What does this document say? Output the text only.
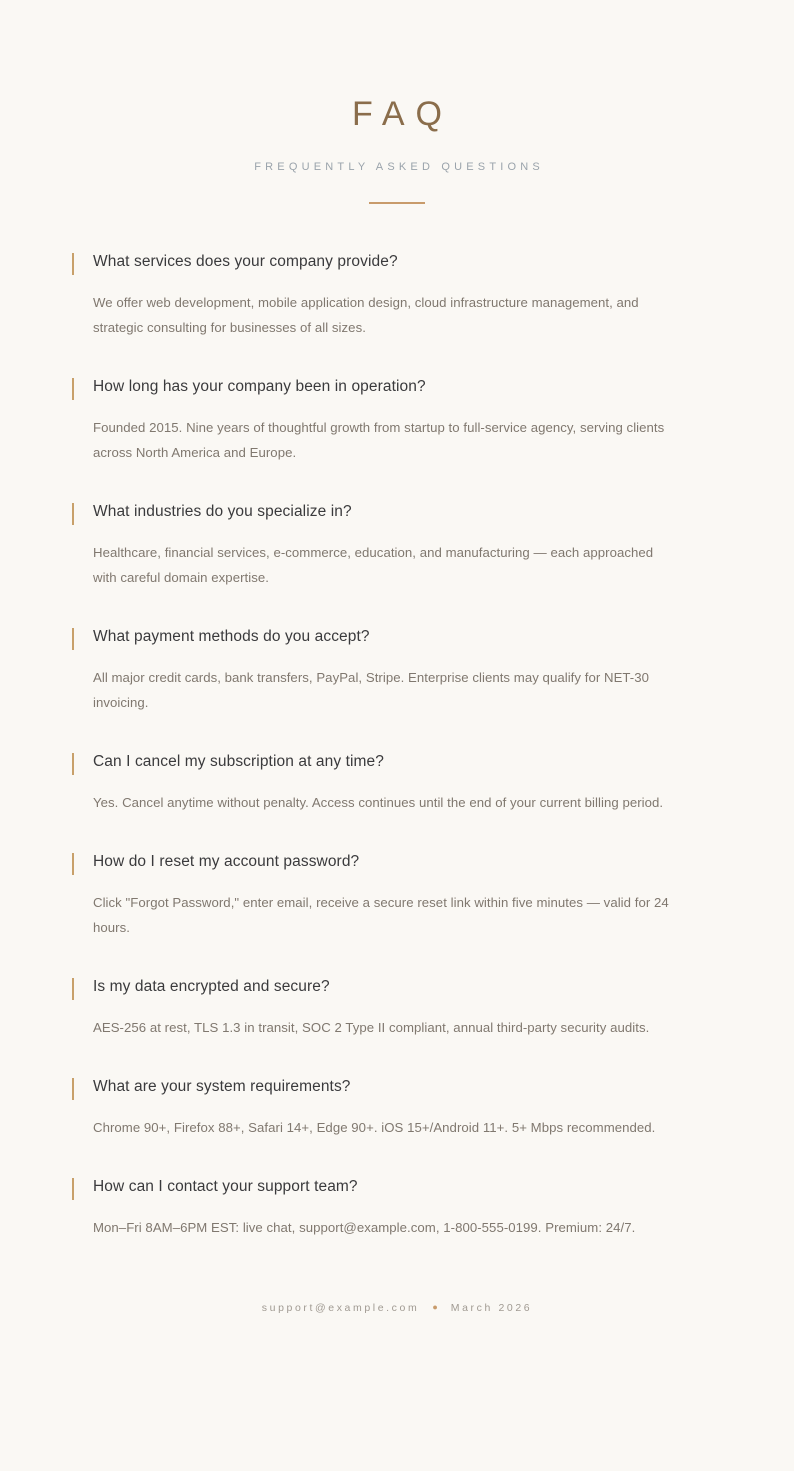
FAQ
FREQUENTLY ASKED QUESTIONS
What services does your company provide?

We offer web development, mobile application design, cloud infrastructure management, and strategic consulting for businesses of all sizes.

How long has your company been in operation?

Founded 2015. Nine years of thoughtful growth from startup to full-service agency, serving clients across North America and Europe.

What industries do you specialize in?

Healthcare, financial services, e-commerce, education, and manufacturing — each approached with careful domain expertise.

What payment methods do you accept?

All major credit cards, bank transfers, PayPal, Stripe. Enterprise clients may qualify for NET-30 invoicing.

Can I cancel my subscription at any time?

Yes. Cancel anytime without penalty. Access continues until the end of your current billing period.

How do I reset my account password?

Click "Forgot Password," enter email, receive a secure reset link within five minutes — valid for 24 hours.

Is my data encrypted and secure?

AES-256 at rest, TLS 1.3 in transit, SOC 2 Type II compliant, annual third-party security audits.

What are your system requirements?

Chrome 90+, Firefox 88+, Safari 14+, Edge 90+. iOS 15+/Android 11+. 5+ Mbps recommended.

How can I contact your support team?

Mon–Fri 8AM–6PM EST: live chat, support@example.com, 1-800-555-0199. Premium: 24/7.

support@example.com ● March 2026
